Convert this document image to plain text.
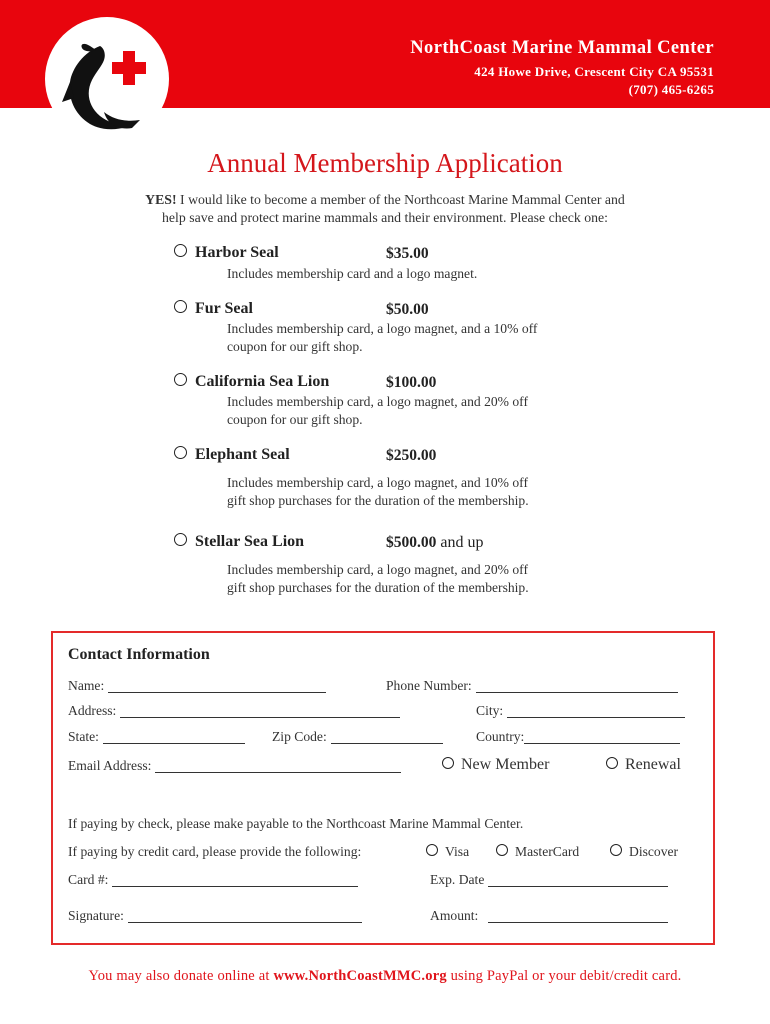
NorthCoast Marine Mammal Center
424 Howe Drive, Crescent City CA 95531
(707) 465-6265
Annual Membership Application
YES! I would like to become a member of the Northcoast Marine Mammal Center and
help save and protect marine mammals and their environment. Please check one:
Harbor Seal	$35.00
Includes membership card and a logo magnet.
Fur Seal	$50.00
Includes membership card, a logo magnet, and a 10% off
coupon for our gift shop.
California Sea Lion	$100.00
Includes membership card, a logo magnet, and 20% off
coupon for our gift shop.
Elephant Seal	$250.00
Includes membership card, a logo magnet, and 10% off
gift shop purchases for the duration of the membership.
Stellar Sea Lion	$500.00 and up
Includes membership card, a logo magnet, and 20% off
gift shop purchases for the duration of the membership.
Contact Information
Name:	Phone Number:
Address:	City:
State:	Zip Code:	Country:
Email Address:	New Member	Renewal
If paying by check, please make payable to the Northcoast Marine Mammal Center.
If paying by credit card, please provide the following:	Visa	MasterCard	Discover
Card #:	Exp. Date
Signature:	Amount:
You may also donate online at www.NorthCoastMMC.org using PayPal or your debit/credit card.
